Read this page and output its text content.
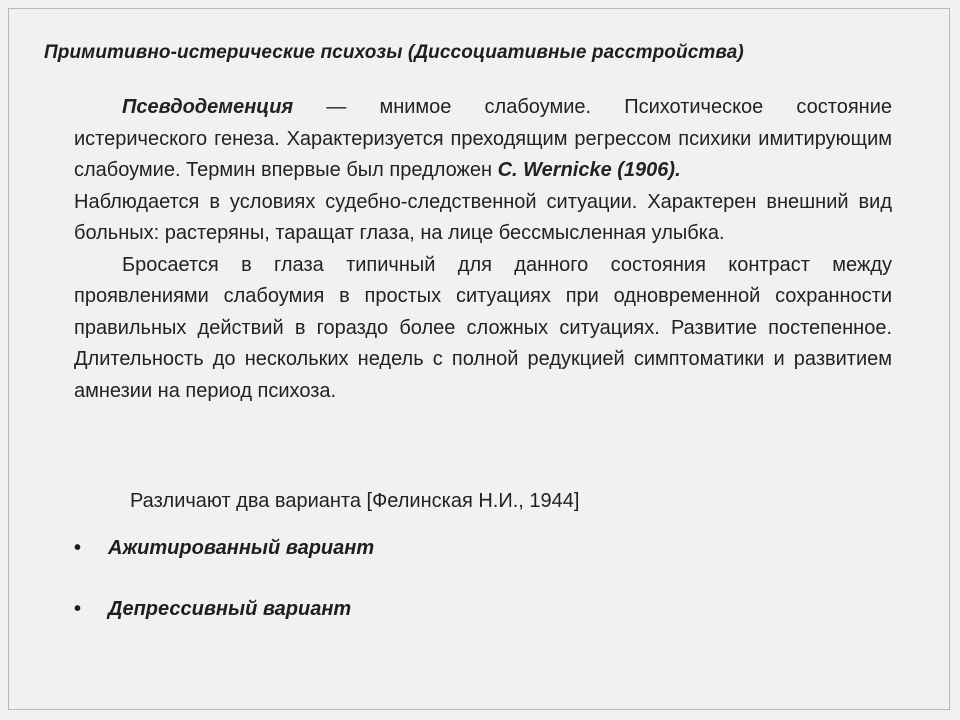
Примитивно-истерические психозы (Диссоциативные расстройства)

Псевдодеменция — мнимое слабоумие. Психотическое состояние истерического генеза. Характеризуется преходящим регрессом психики имитирующим слабоумие. Термин впервые был предложен C. Wernicke (1906).

Наблюдается в условиях судебно-следственной ситуации. Характерен внешний вид больных: растеряны, таращат глаза, на лице бессмысленная улыбка.

Бросается в глаза типичный для данного состояния контраст между проявлениями слабоумия в простых ситуациях при одновременной сохранности правильных действий в гораздо более сложных ситуациях. Развитие постепенное. Длительность до нескольких недель с полной редукцией симптоматики и развитием амнезии на период психоза.

Различают два варианта [Фелинская Н.И., 1944]
• Ажитированный вариант
• Депрессивный вариант
